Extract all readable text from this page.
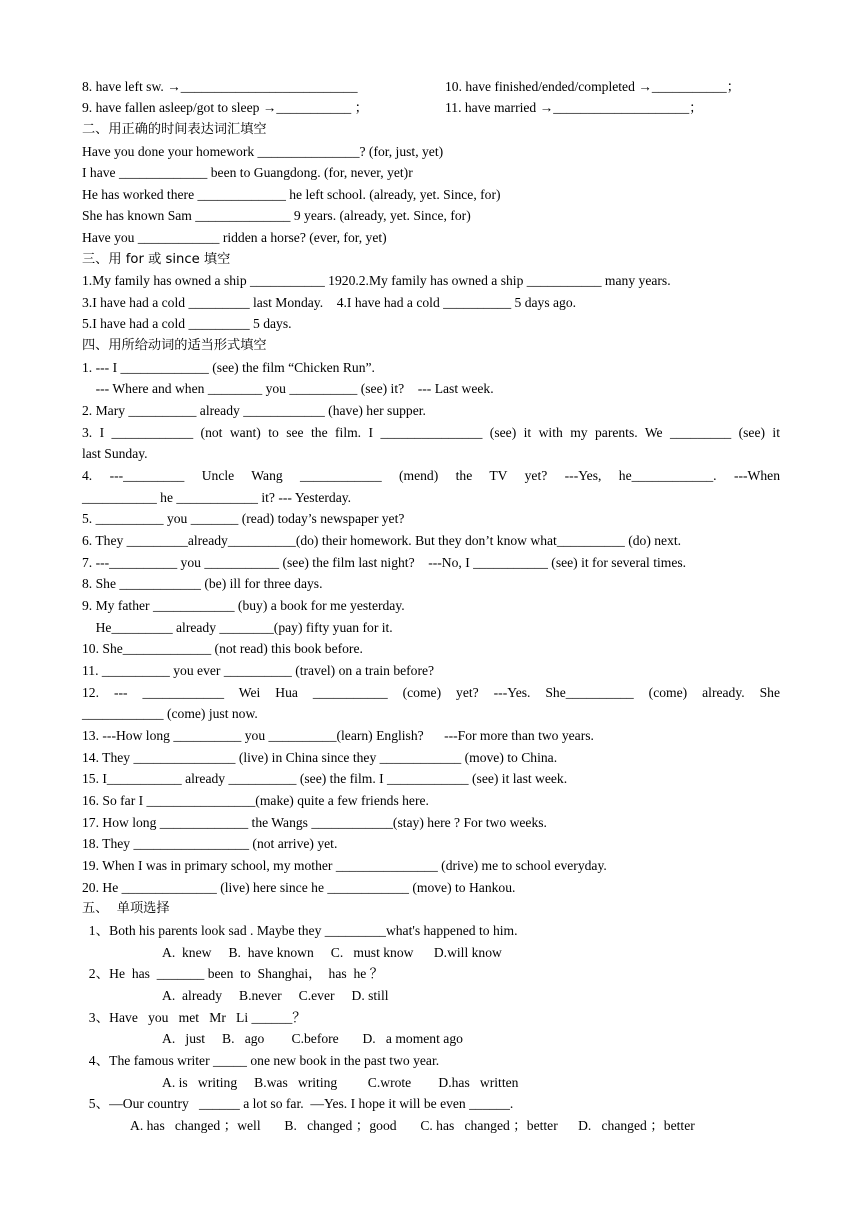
8. have left sw. →__________________________	10. have finished/ended/completed →___________；
9. have fallen asleep/got to sleep →___________ ；	11. have married →____________________；
二、用正确的时间表达词汇填空
Have you done your homework _______________? (for, just, yet)
I have _____________ been to Guangdong. (for, never, yet)r
He has worked there _____________ he left school. (already, yet. Since, for)
She has known Sam ______________ 9 years. (already, yet. Since, for)
Have you ____________ ridden a horse? (ever, for, yet)
三、用 for 或 since 填空
1.My family has owned a ship ___________ 1920.2.My family has owned a ship ___________ many years.
3.I have had a cold _________ last Monday.    4.I have had a cold __________ 5 days ago.
5.I have had a cold _________ 5 days.
四、用所给动词的适当形式填空
1. --- I _____________ (see) the film “Chicken Run”.
--- Where and when ________ you __________ (see) it?    --- Last week.
2. Mary __________ already ____________ (have) her supper.
3. I ____________ (not want) to see the film. I _______________ (see) it with my parents. We _________ (see) it
last Sunday.
4. ---_________ Uncle Wang ____________ (mend) the TV yet? ---Yes, he____________. ---When
___________ he ____________ it? --- Yesterday.
5. __________ you _______ (read) today’s newspaper yet?
6. They _________already__________(do) their homework. But they don’t know what__________ (do) next.
7. ---__________ you ___________ (see) the film last night?    ---No, I ___________ (see) it for several times.
8. She ____________ (be) ill for three days.
9. My father ____________ (buy) a book for me yesterday.
He_________ already ________(pay) fifty yuan for it.
10. She_____________ (not read) this book before.
11. __________ you ever __________ (travel) on a train before?
12. --- ____________ Wei Hua ___________ (come) yet? ---Yes. She__________ (come) already. She
____________ (come) just now.
13. ---How long __________ you __________(learn) English?      ---For more than two years.
14. They _______________ (live) in China since they ____________ (move) to China.
15. I___________ already __________ (see) the film. I ____________ (see) it last week.
16. So far I ________________(make) quite a few friends here.
17. How long _____________ the Wangs ____________(stay) here ? For two weeks.
18. They _________________ (not arrive) yet.
19. When I was in primary school, my mother _______________ (drive) me to school everyday.
20. He ______________ (live) here since he ____________ (move) to Hankou.
五、  单项选择
1、Both his parents look sad . Maybe they _________what's happened to him.
A.  knew     B.  have known     C.   must know      D.will know
2、He  has  _______ been  to  Shanghai，  has  he ？
A.  already     B.never     C.ever     D. still
3、Have   you   met   Mr   Li ______？
A.   just     B.   ago        C.before       D.   a moment ago
4、The famous writer _____ one new book in the past two year.
A. is   writing     B.was   writing         C.wrote        D.has   written
5、—Our country   ______ a lot so far.  —Yes. I hope it will be even ______.
A. has   changed ；well       B.   changed ；good       C. has   changed ；better      D.   changed ；better
